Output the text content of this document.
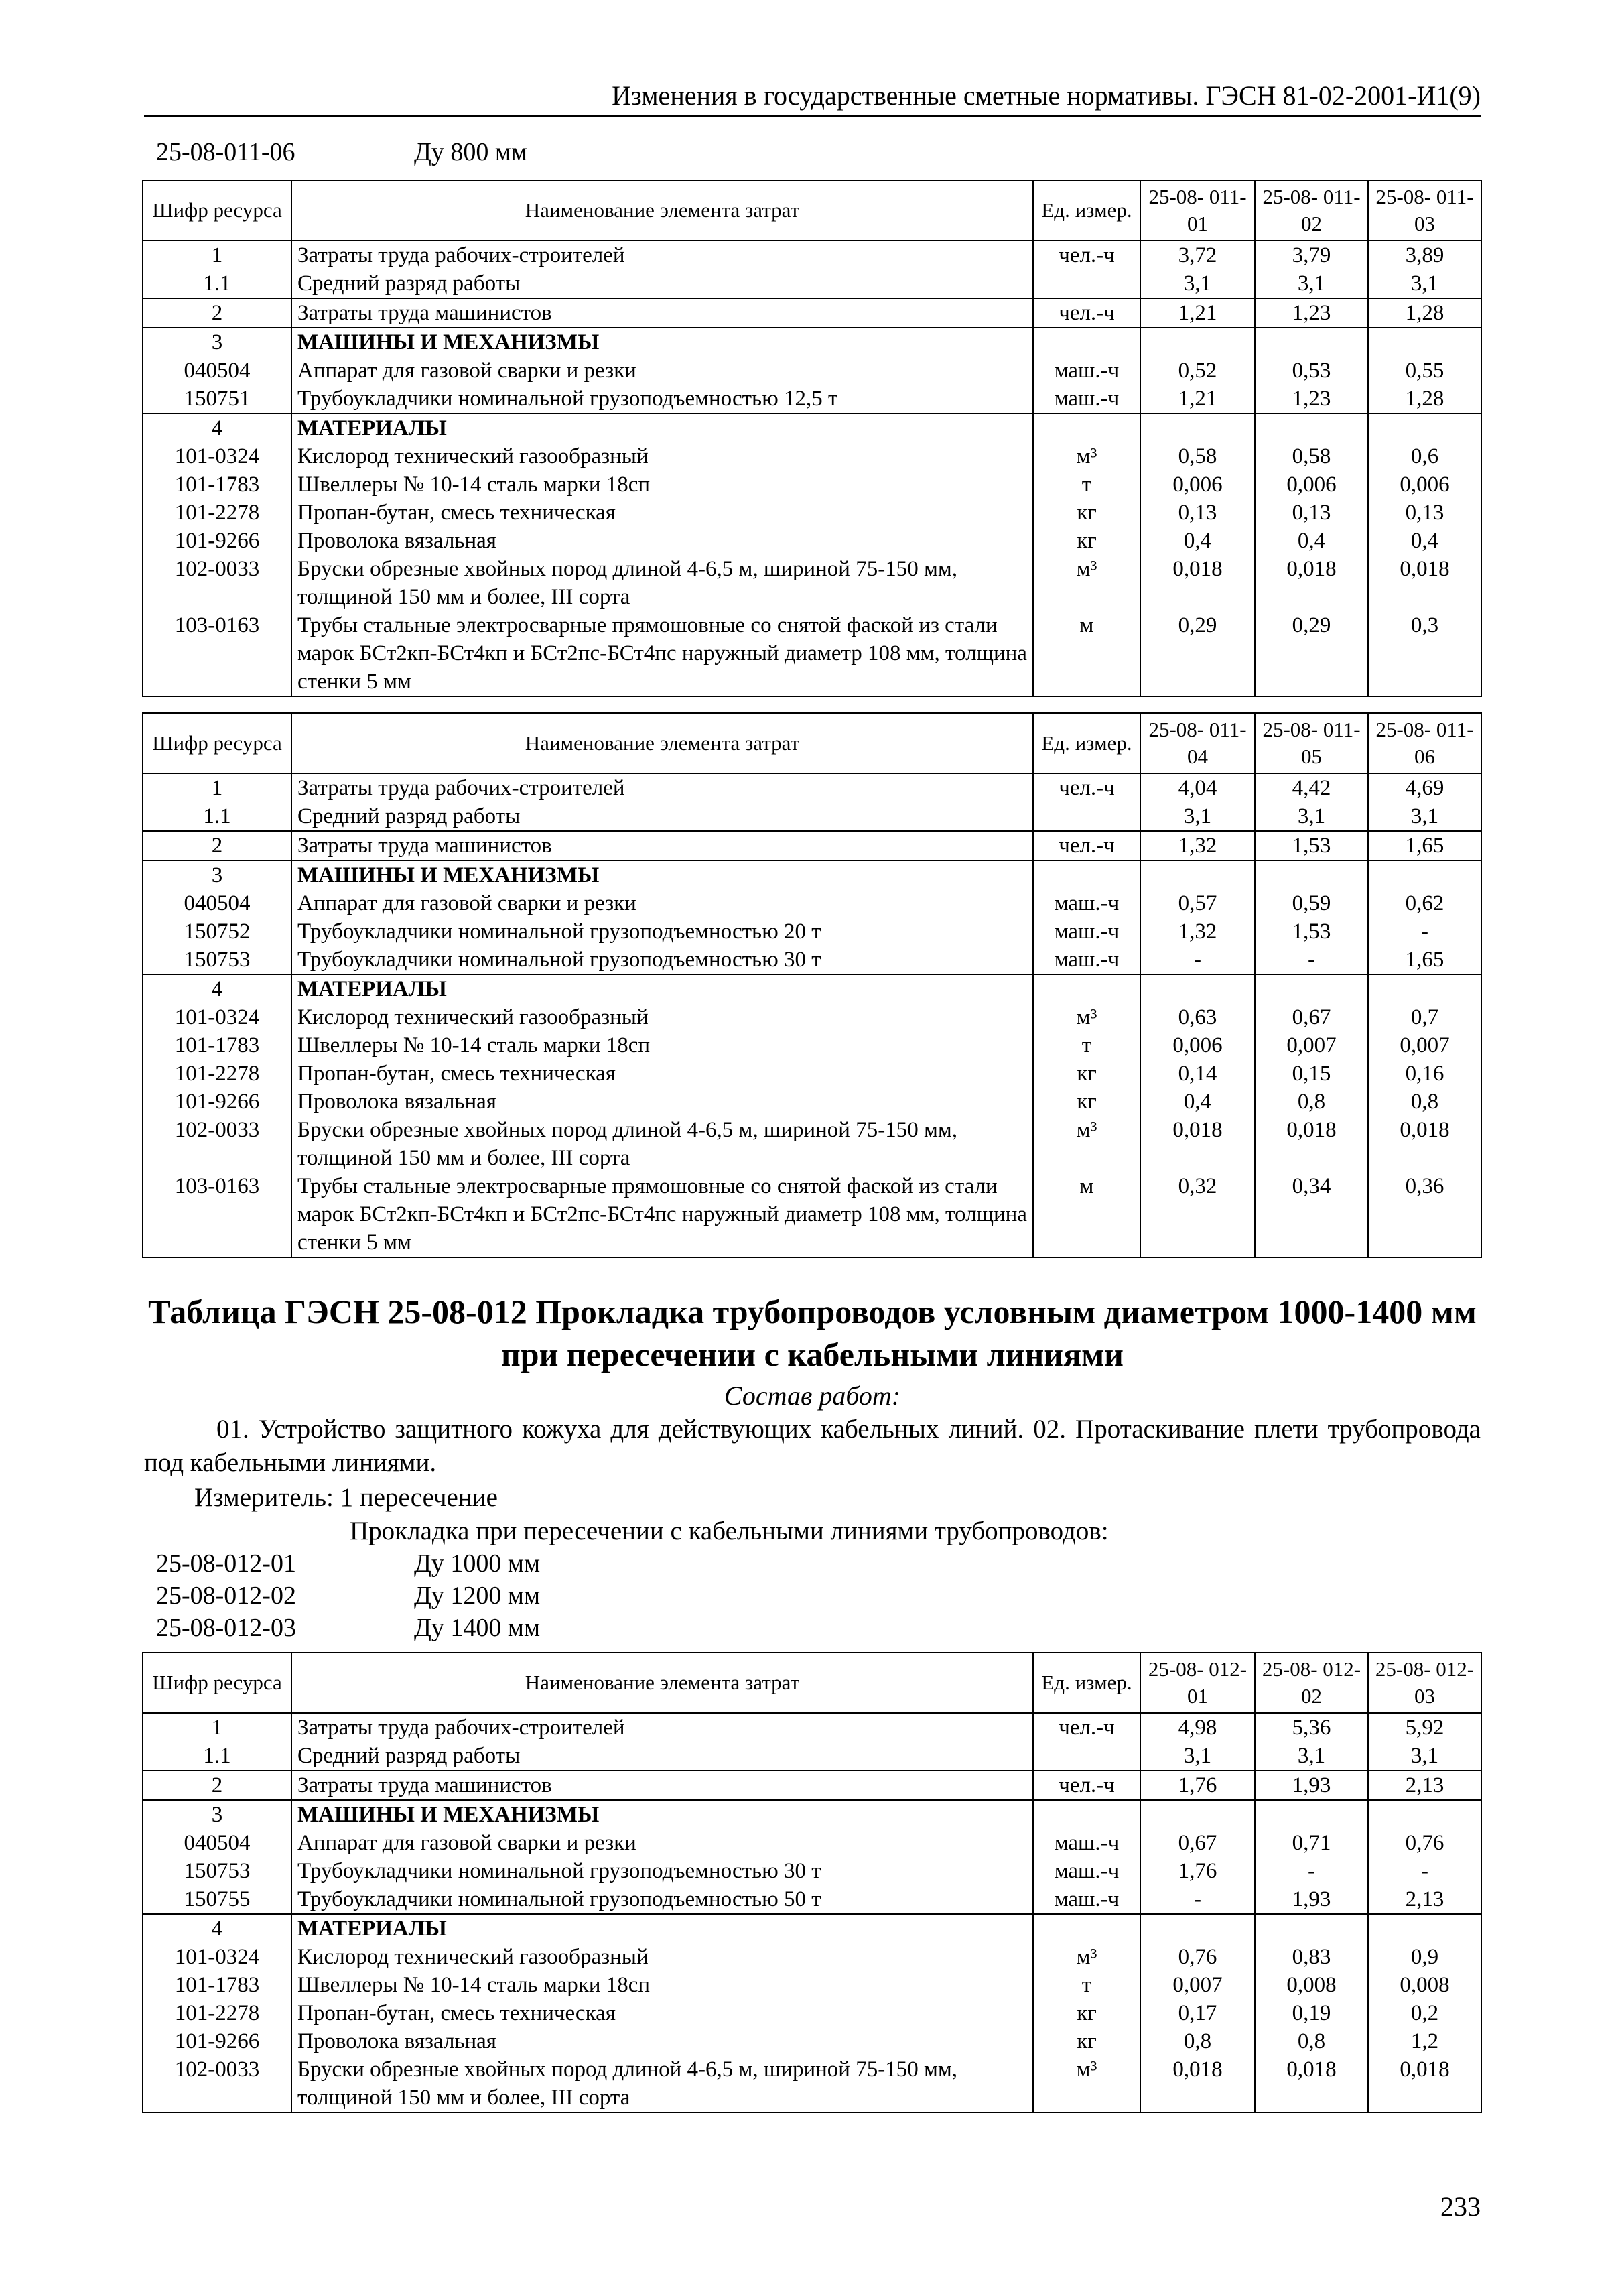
Изменения в государственные сметные нормативы. ГЭСН 81-02-2001-И1(9)
25-08-011-06	Ду 800 мм
Шифр ресурса	Наименование элемента затрат	Ед. измер.	25-08- 011-01	25-08- 011-02	25-08- 011-03
1	Затраты труда рабочих-строителей	чел.-ч	3,72	3,79	3,89
1.1	Средний разряд работы		3,1	3,1	3,1
2	Затраты труда машинистов	чел.-ч	1,21	1,23	1,28
3	МАШИНЫ И МЕХАНИЗМЫ				
040504	Аппарат для газовой сварки и резки	маш.-ч	0,52	0,53	0,55
150751	Трубоукладчики номинальной грузоподъемностью 12,5 т	маш.-ч	1,21	1,23	1,28
4	МАТЕРИАЛЫ				
101-0324	Кислород технический газообразный	м³	0,58	0,58	0,6
101-1783	Швеллеры № 10-14 сталь марки 18сп	т	0,006	0,006	0,006
101-2278	Пропан-бутан, смесь техническая	кг	0,13	0,13	0,13
101-9266	Проволока вязальная	кг	0,4	0,4	0,4
102-0033	Бруски обрезные хвойных пород длиной 4-6,5 м, шириной 75-150 мм, толщиной 150 мм и более, III сорта	м³	0,018	0,018	0,018
103-0163	Трубы стальные электросварные прямошовные со снятой фаской из стали марок БСт2кп-БСт4кп и БСт2пс-БСт4пс наружный диаметр 108 мм, толщина стенки 5 мм	м	0,29	0,29	0,3
Шифр ресурса	Наименование элемента затрат	Ед. измер.	25-08- 011-04	25-08- 011-05	25-08- 011-06
1	Затраты труда рабочих-строителей	чел.-ч	4,04	4,42	4,69
1.1	Средний разряд работы		3,1	3,1	3,1
2	Затраты труда машинистов	чел.-ч	1,32	1,53	1,65
3	МАШИНЫ И МЕХАНИЗМЫ				
040504	Аппарат для газовой сварки и резки	маш.-ч	0,57	0,59	0,62
150752	Трубоукладчики номинальной грузоподъемностью 20 т	маш.-ч	1,32	1,53	-
150753	Трубоукладчики номинальной грузоподъемностью 30 т	маш.-ч	-	-	1,65
4	МАТЕРИАЛЫ				
101-0324	Кислород технический газообразный	м³	0,63	0,67	0,7
101-1783	Швеллеры № 10-14 сталь марки 18сп	т	0,006	0,007	0,007
101-2278	Пропан-бутан, смесь техническая	кг	0,14	0,15	0,16
101-9266	Проволока вязальная	кг	0,4	0,8	0,8
102-0033	Бруски обрезные хвойных пород длиной 4-6,5 м, шириной 75-150 мм, толщиной 150 мм и более, III сорта	м³	0,018	0,018	0,018
103-0163	Трубы стальные электросварные прямошовные со снятой фаской из стали марок БСт2кп-БСт4кп и БСт2пс-БСт4пс наружный диаметр 108 мм, толщина стенки 5 мм	м	0,32	0,34	0,36
Таблица ГЭСН 25-08-012 Прокладка трубопроводов условным диаметром 1000-1400 мм при пересечении с кабельными линиями
Состав работ:
01. Устройство защитного кожуха для действующих кабельных линий. 02. Протаскивание плети трубопровода под кабельными линиями.
Измеритель: 1 пересечение
Прокладка при пересечении с кабельными линиями трубопроводов:
25-08-012-01	Ду 1000 мм
25-08-012-02	Ду 1200 мм
25-08-012-03	Ду 1400 мм
Шифр ресурса	Наименование элемента затрат	Ед. измер.	25-08- 012-01	25-08- 012-02	25-08- 012-03
1	Затраты труда рабочих-строителей	чел.-ч	4,98	5,36	5,92
1.1	Средний разряд работы		3,1	3,1	3,1
2	Затраты труда машинистов	чел.-ч	1,76	1,93	2,13
3	МАШИНЫ И МЕХАНИЗМЫ				
040504	Аппарат для газовой сварки и резки	маш.-ч	0,67	0,71	0,76
150753	Трубоукладчики номинальной грузоподъемностью 30 т	маш.-ч	1,76	-	-
150755	Трубоукладчики номинальной грузоподъемностью 50 т	маш.-ч	-	1,93	2,13
4	МАТЕРИАЛЫ				
101-0324	Кислород технический газообразный	м³	0,76	0,83	0,9
101-1783	Швеллеры № 10-14 сталь марки 18сп	т	0,007	0,008	0,008
101-2278	Пропан-бутан, смесь техническая	кг	0,17	0,19	0,2
101-9266	Проволока вязальная	кг	0,8	0,8	1,2
102-0033	Бруски обрезные хвойных пород длиной 4-6,5 м, шириной 75-150 мм, толщиной 150 мм и более, III сорта	м³	0,018	0,018	0,018
233
